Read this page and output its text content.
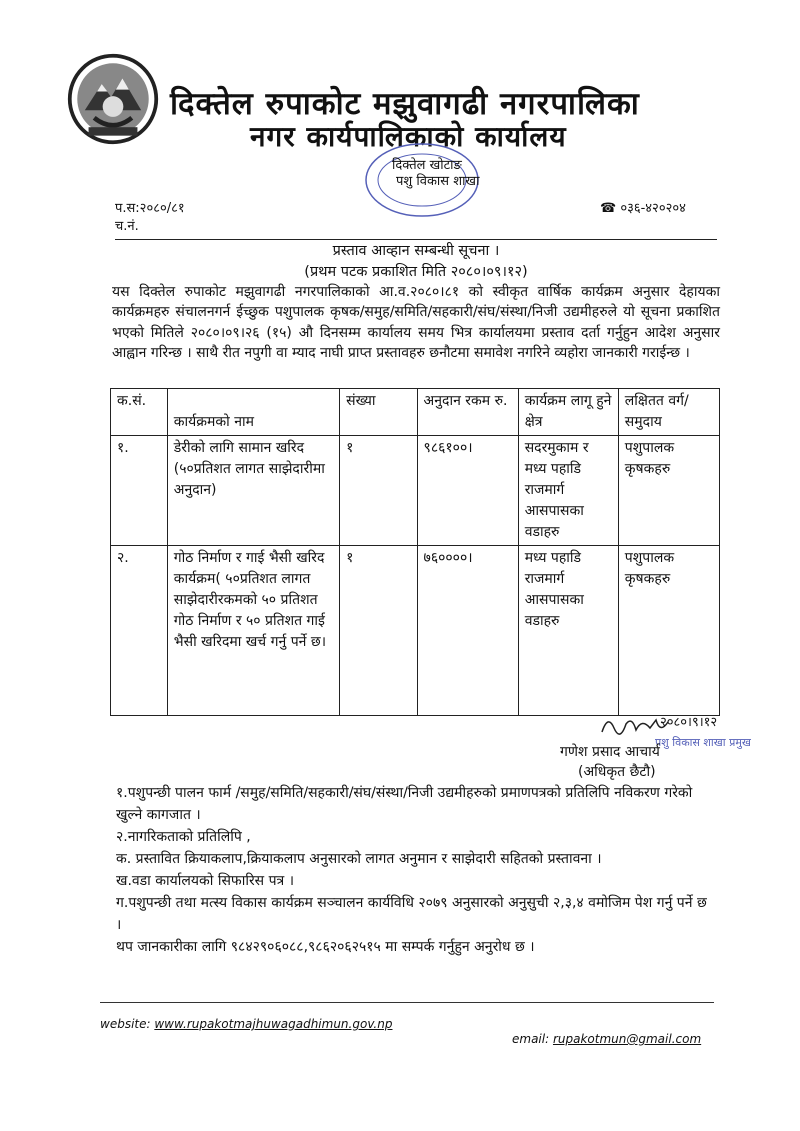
दिक्तेल रुपाकोट मझुवागढी नगरपालिका
नगर कार्यपालिकाको कार्यालय
दिक्तेल खोटाङ
पशु विकास शाखा
प.स:२०८०/८१
च.नं.
☎ ०३६-४२०२०४
प्रस्ताव आव्हान सम्बन्धी सूचना ।
(प्रथम पटक प्रकाशित मिति २०८०।०९।१२)
यस दिक्तेल रुपाकोट मझुवागढी नगरपालिकाको आ.व.२०८०।८१ को स्वीकृत वार्षिक कार्यक्रम अनुसार देहायका कार्यक्रमहरु संचालनगर्न ईच्छुक पशुपालक कृषक/समुह/समिति/सहकारी/संघ/संस्था/निजी उद्यमीहरुले यो सूचना प्रकाशित भएको मितिले २०८०।०९।२६ (१५) औ दिनसम्म कार्यालय समय भित्र कार्यालयमा प्रस्ताव दर्ता गर्नुहुन आदेश अनुसार आह्वान गरिन्छ । साथै रीत नपुगी वा म्याद नाघी प्राप्त प्रस्तावहरु छनौटमा समावेश नगरिने व्यहोरा जानकारी गराईन्छ ।
क.सं.	कार्यक्रमको नाम	संख्या	अनुदान रकम रु.	कार्यक्रम लागू हुने क्षेत्र	लक्षितत वर्ग/समुदाय
१.	डेरीको लागि सामान खरिद (५०प्रतिशत लागत साझेदारीमा अनुदान)	१	९८६१००।	सदरमुकाम र मध्य पहाडि राजमार्ग आसपासका वडाहरु	पशुपालक कृषकहरु
२.	गोठ निर्माण र गाई भैसी खरिद कार्यक्रम( ५०प्रतिशत लागत साझेदारीरकमको ५० प्रतिशत गोठ निर्माण र ५० प्रतिशत गाई भैसी खरिदमा खर्च गर्नु पर्ने छ।	१	७६००००।	मध्य पहाडि राजमार्ग आसपासका वडाहरु	पशुपालक कृषकहरु
२०८०।९।१२
पशु विकास शाखा प्रमुख
गणेश प्रसाद आचार्य
(अधिकृत छैटौ)
१.पशुपन्छी पालन फार्म /समुह/समिति/सहकारी/संघ/संस्था/निजी उद्यमीहरुको प्रमाणपत्रको प्रतिलिपि नविकरण गरेको खुल्ने कागजात ।
२.नागरिकताको प्रतिलिपि ,
क. प्रस्तावित क्रियाकलाप,क्रियाकलाप अनुसारको लागत अनुमान र साझेदारी सहितको प्रस्तावना ।
ख.वडा कार्यालयको सिफारिस पत्र ।
ग.पशुपन्छी तथा मत्स्य विकास कार्यक्रम सञ्चालन कार्यविधि २०७९ अनुसारको अनुसुची २,३,४ वमोजिम पेश गर्नु पर्ने छ ।
थप जानकारीका लागि ९८४२९०६०८८,९८६२०६२५१५ मा सम्पर्क गर्नुहुन अनुरोध छ ।
website: www.rupakotmajhuwagadhimun.gov.np
email: rupakotmun@gmail.com
